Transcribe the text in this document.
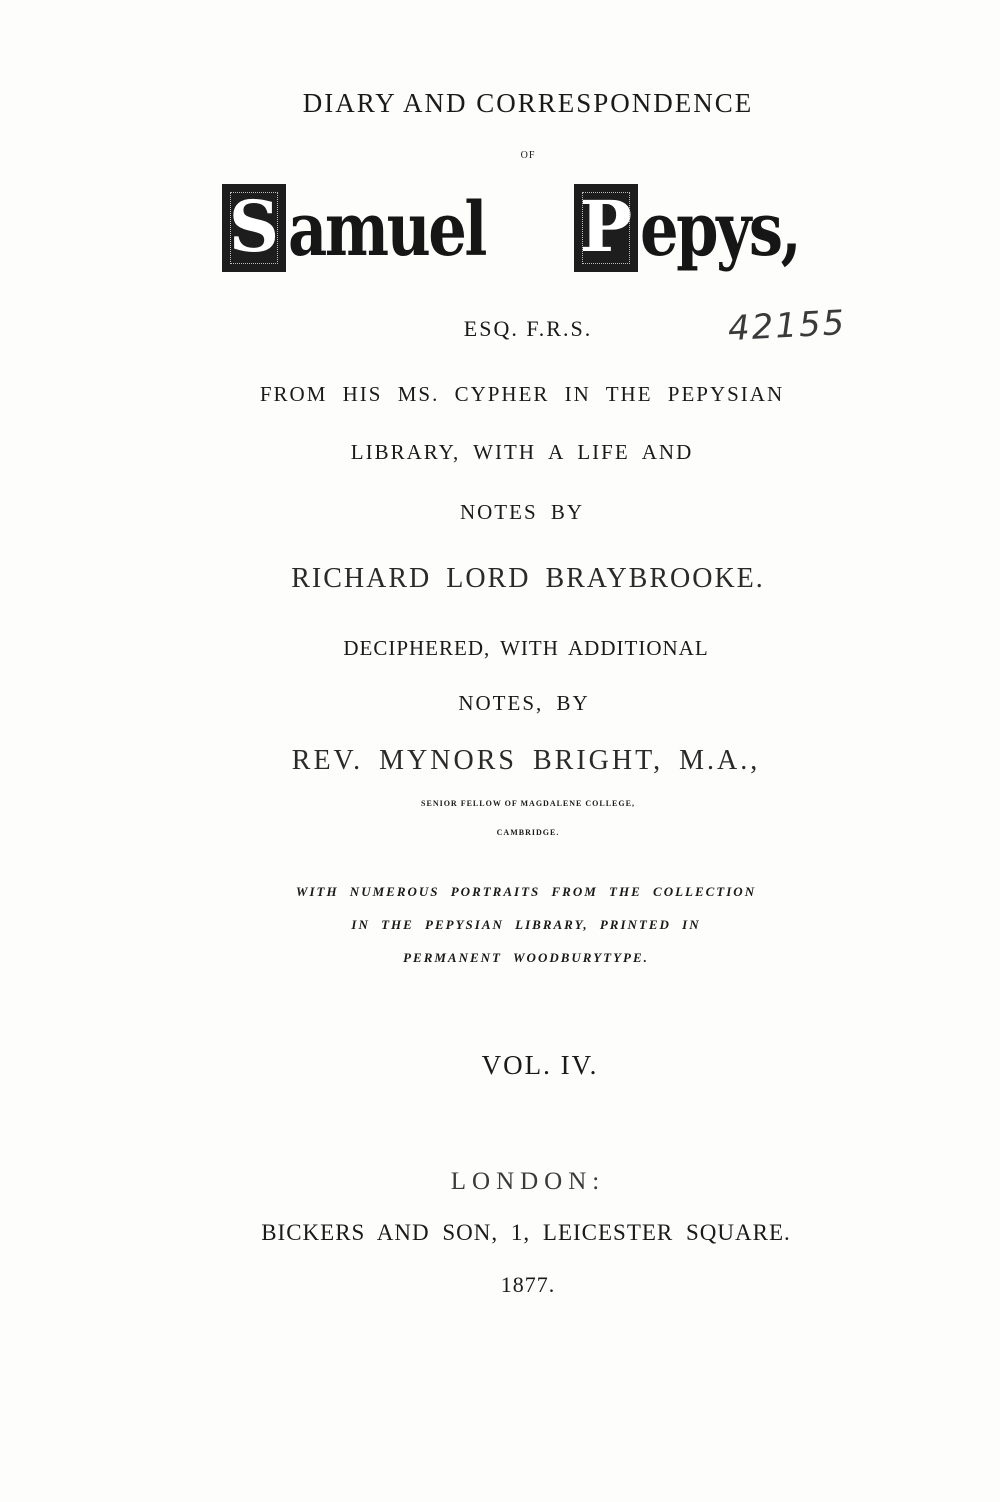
DIARY AND CORRESPONDENCE
OF
S amuel P epys,
ESQ. F.R.S.	42155
FROM HIS MS. CYPHER IN THE PEPYSIAN
LIBRARY, WITH A LIFE AND
NOTES BY
RICHARD LORD BRAYBROOKE.
DECIPHERED, WITH ADDITIONAL
NOTES, BY
REV. MYNORS BRIGHT, M.A.,
SENIOR FELLOW OF MAGDALENE COLLEGE,
CAMBRIDGE.
WITH NUMEROUS PORTRAITS FROM THE COLLECTION
IN THE PEPYSIAN LIBRARY, PRINTED IN
PERMANENT WOODBURYTYPE.
VOL. IV.
LONDON:
BICKERS AND SON, 1, LEICESTER SQUARE.
1877.
